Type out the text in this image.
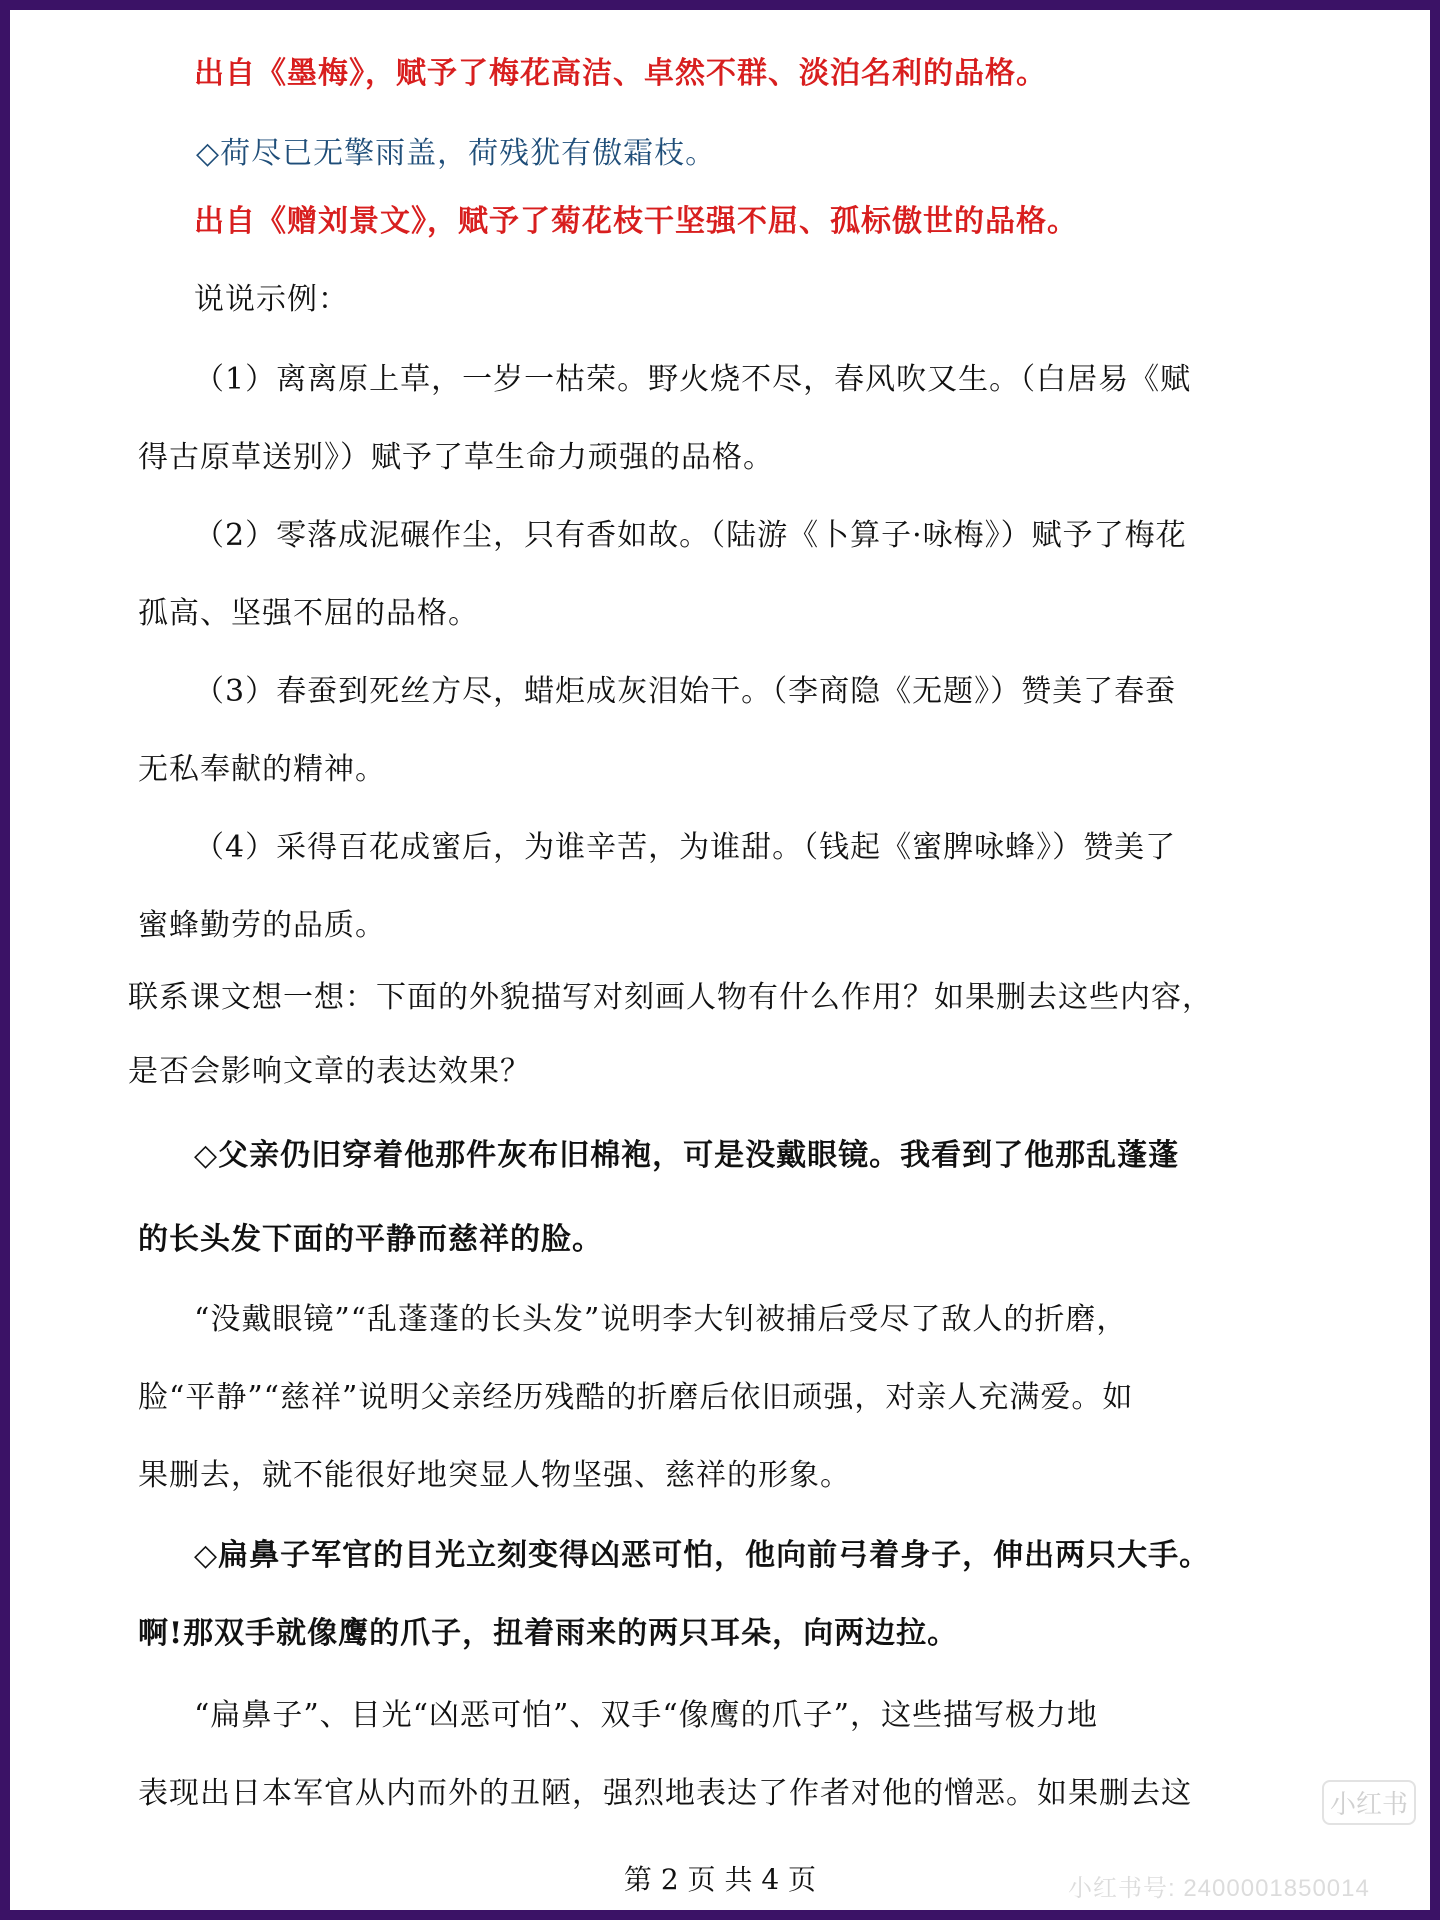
出自《墨梅》，赋予了梅花高洁、卓然不群、淡泊名利的品格。
◇荷尽已无擎雨盖，荷残犹有傲霜枝。
出自《赠刘景文》，赋予了菊花枝干坚强不屈、孤标傲世的品格。
说说示例：
（1）离离原上草，一岁一枯荣。野火烧不尽，春风吹又生。（白居易《赋
得古原草送别》）赋予了草生命力顽强的品格。
（2）零落成泥碾作尘，只有香如故。（陆游《卜算子·咏梅》）赋予了梅花
孤高、坚强不屈的品格。
（3）春蚕到死丝方尽，蜡炬成灰泪始干。（李商隐《无题》）赞美了春蚕
无私奉献的精神。
（4）采得百花成蜜后，为谁辛苦，为谁甜。（钱起《蜜脾咏蜂》）赞美了
蜜蜂勤劳的品质。
联系课文想一想：下面的外貌描写对刻画人物有什么作用？如果删去这些内容，
是否会影响文章的表达效果？
◇父亲仍旧穿着他那件灰布旧棉袍，可是没戴眼镜。我看到了他那乱蓬蓬
的长头发下面的平静而慈祥的脸。
“没戴眼镜”“乱蓬蓬的长头发”说明李大钊被捕后受尽了敌人的折磨，
脸“平静”“慈祥”说明父亲经历残酷的折磨后依旧顽强，对亲人充满爱。如
果删去，就不能很好地突显人物坚强、慈祥的形象。
◇扁鼻子军官的目光立刻变得凶恶可怕，他向前弓着身子，伸出两只大手。
啊!那双手就像鹰的爪子，扭着雨来的两只耳朵，向两边拉。
“扁鼻子”、目光“凶恶可怕”、双手“像鹰的爪子”，这些描写极力地
表现出日本军官从内而外的丑陋，强烈地表达了作者对他的憎恶。如果删去这
第 2 页 共 4 页
小红书
小红书号: 2400001850014
